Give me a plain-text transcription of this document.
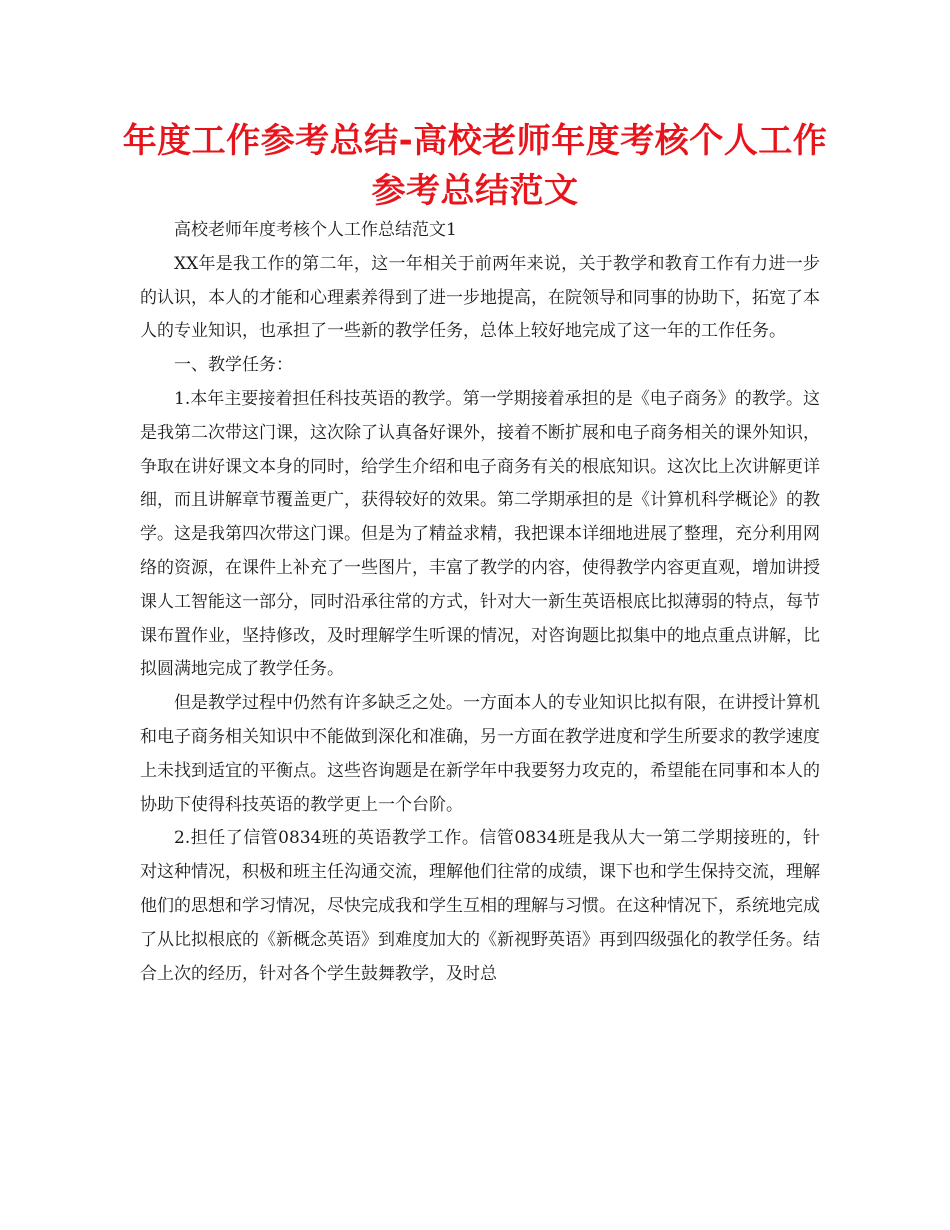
年度工作参考总结-高校老师年度考核个人工作参考总结范文

高校老师年度考核个人工作总结范文1

XX年是我工作的第二年，这一年相关于前两年来说，关于教学和教育工作有力进一步的认识，本人的才能和心理素养得到了进一步地提高，在院领导和同事的协助下，拓宽了本人的专业知识，也承担了一些新的教学任务，总体上较好地完成了这一年的工作任务。

一、教学任务：

1.本年主要接着担任科技英语的教学。第一学期接着承担的是《电子商务》的教学。这是我第二次带这门课，这次除了认真备好课外，接着不断扩展和电子商务相关的课外知识，争取在讲好课文本身的同时，给学生介绍和电子商务有关的根底知识。这次比上次讲解更详细，而且讲解章节覆盖更广，获得较好的效果。第二学期承担的是《计算机科学概论》的教学。这是我第四次带这门课。但是为了精益求精，我把课本详细地进展了整理，充分利用网络的资源，在课件上补充了一些图片，丰富了教学的内容，使得教学内容更直观，增加讲授课人工智能这一部分，同时沿承往常的方式，针对大一新生英语根底比拟薄弱的特点，每节课布置作业，坚持修改，及时理解学生听课的情况，对咨询题比拟集中的地点重点讲解，比拟圆满地完成了教学任务。

但是教学过程中仍然有许多缺乏之处。一方面本人的专业知识比拟有限，在讲授计算机和电子商务相关知识中不能做到深化和准确，另一方面在教学进度和学生所要求的教学速度上未找到适宜的平衡点。这些咨询题是在新学年中我要努力攻克的，希望能在同事和本人的协助下使得科技英语的教学更上一个台阶。

2.担任了信管0834班的英语教学工作。信管0834班是我从大一第二学期接班的，针对这种情况，积极和班主任沟通交流，理解他们往常的成绩，课下也和学生保持交流，理解他们的思想和学习情况，尽快完成我和学生互相的理解与习惯。在这种情况下，系统地完成了从比拟根底的《新概念英语》到难度加大的《新视野英语》再到四级强化的教学任务。结合上次的经历，针对各个学生鼓舞教学，及时总
